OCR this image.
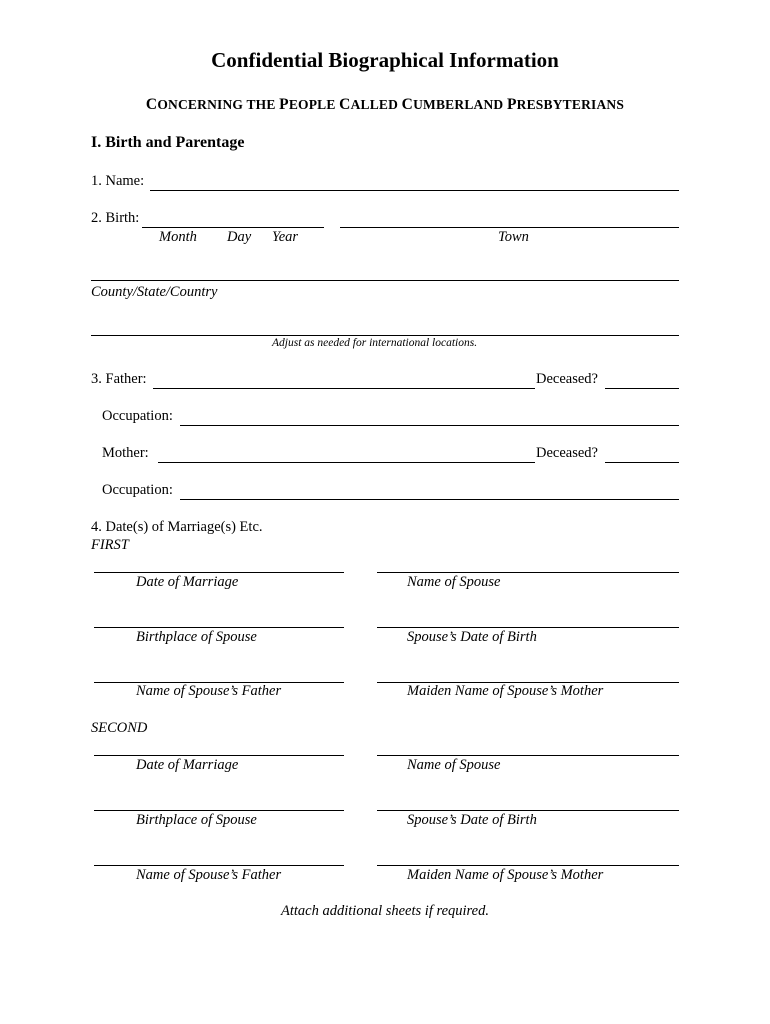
Confidential Biographical Information
CONCERNING THE PEOPLE CALLED CUMBERLAND PRESBYTERIANS
I. Birth and Parentage
1. Name:
2. Birth:
Month Day Year	Town
County/State/Country
Adjust as needed for international locations.
3. Father:	Deceased?
Occupation:
Mother:	Deceased?
Occupation:
4. Date(s) of Marriage(s) Etc.
FIRST
Date of Marriage	Name of Spouse
Birthplace of Spouse	Spouse’s Date of Birth
Name of Spouse’s Father	Maiden Name of Spouse’s Mother
SECOND
Date of Marriage	Name of Spouse
Birthplace of Spouse	Spouse’s Date of Birth
Name of Spouse’s Father	Maiden Name of Spouse’s Mother
Attach additional sheets if required.
